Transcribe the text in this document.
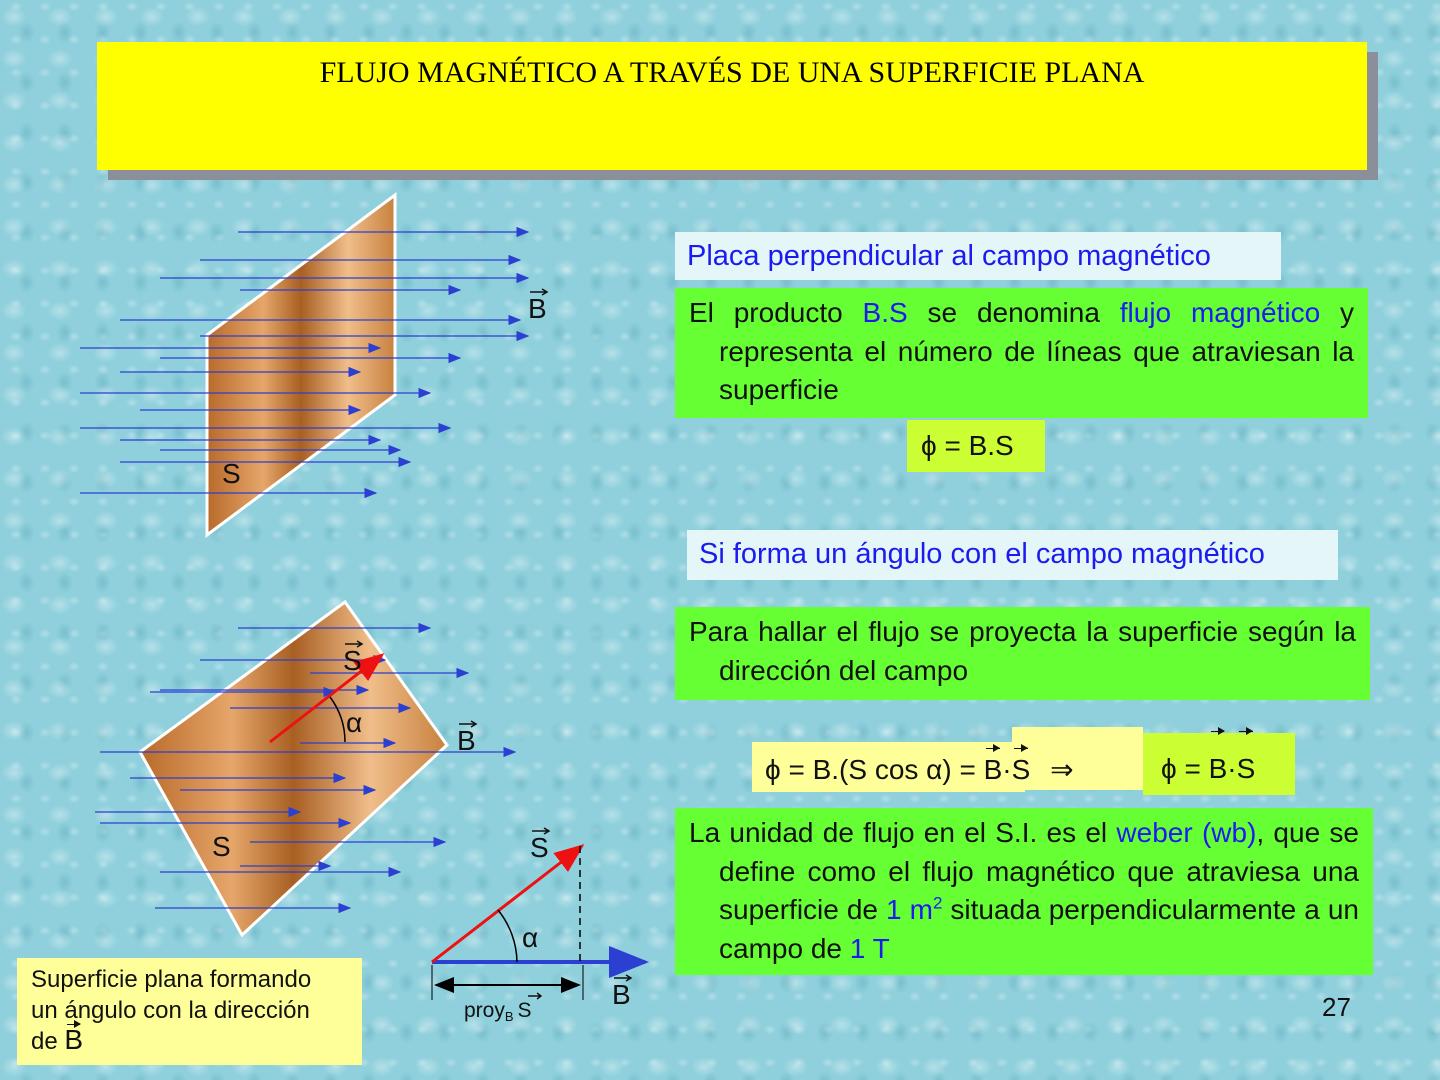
FLUJO MAGNÉTICO A TRAVÉS DE UNA SUPERFICIE PLANA
S
B
α
S
B
S
α
S
B
proyB S
Placa perpendicular al campo magnético

El producto B.S se denomina flujo magnético y representa el número de líneas que atraviesan la superficie

ϕ = B.S
Si forma un ángulo con el campo magnético

Para hallar el flujo se proyecta la superficie según la dirección del campo

ϕ = B.(S cos α) = B·S ⇒	ϕ = B·S

La unidad de flujo en el S.I. es el weber (wb), que se define como el flujo magnético que atraviesa una superficie de 1 $m^2$ situada perpendicularmente a un campo de 1 T

27
Superficie plana formando
un ángulo con la dirección
de B
